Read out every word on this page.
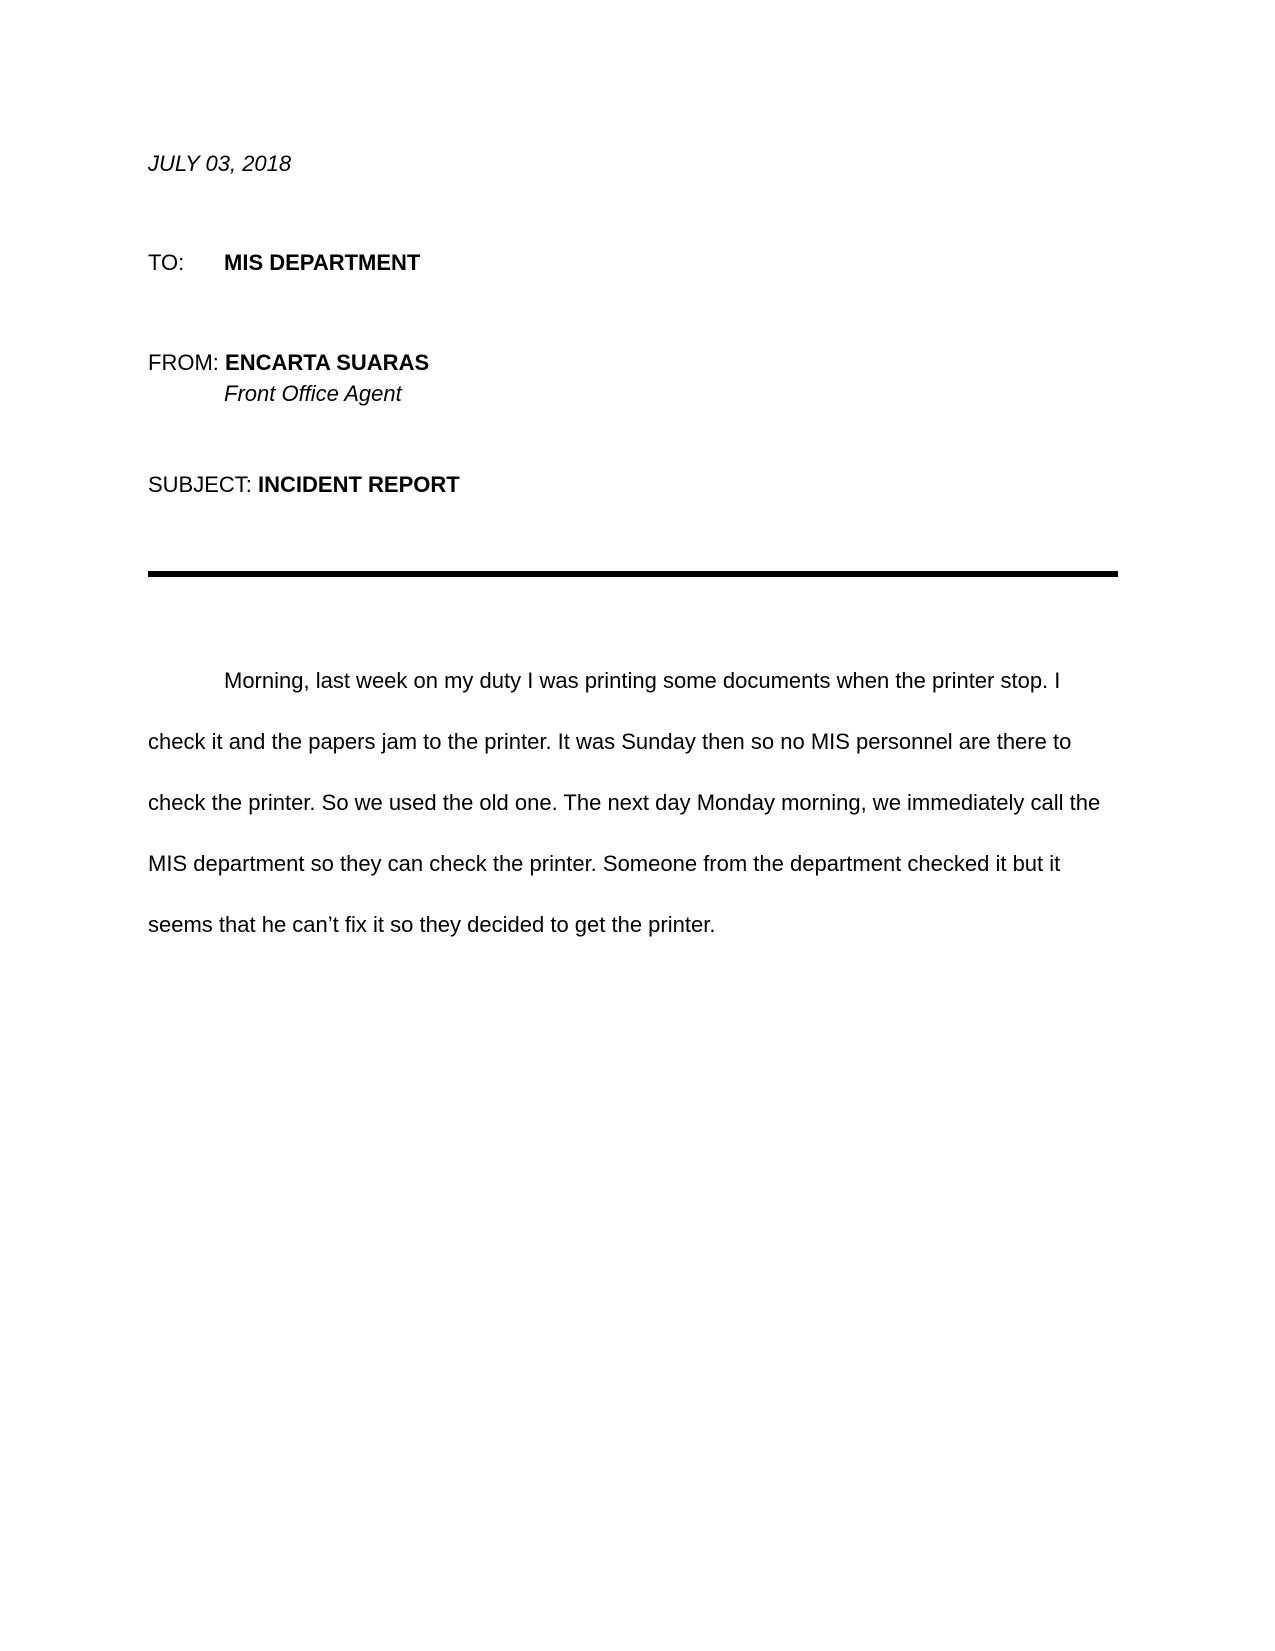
JULY 03, 2018
TO: MIS DEPARTMENT
FROM: ENCARTA SUARAS
Front Office Agent
SUBJECT: INCIDENT REPORT

Morning, last week on my duty I was printing some documents when the printer stop. I check it and the papers jam to the printer. It was Sunday then so no MIS personnel are there to check the printer. So we used the old one. The next day Monday morning, we immediately call the MIS department so they can check the printer. Someone from the department checked it but it seems that he can’t fix it so they decided to get the printer.
